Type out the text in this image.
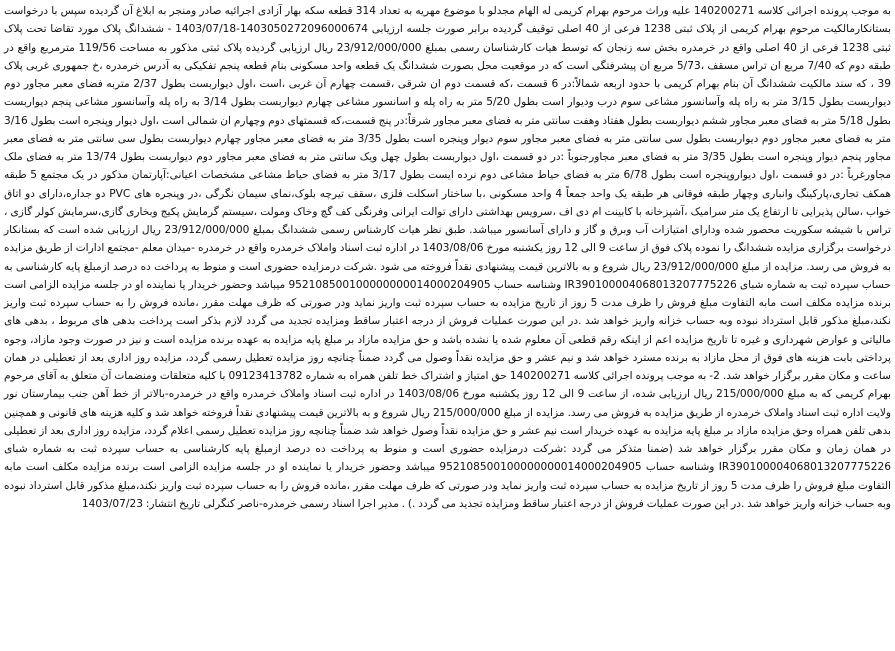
به موجب پرونده اجرائی کلاسه 140200271 علیه وراث مرحوم بهرام کریمی له الهام مجدلو با موضوع مهریه به تعداد 314 قطعه سکه بهار آزادی اجرائیه صادر ومنجر به ابلاغ آن گردیده سپس با درخواست بستانکارمالکیت مرحوم بهرام کریمی از پلاک ثبتی 1238 فرعی از 40 اصلی توقیف گردیده برابر صورت جلسه ارزیابی 1403050272096000674-1403/07/18 - ششدانگ پلاک مورد تقاضا تحت پلاک ثبتی 1238 فرعی از 40 اصلی واقع در خرمدره بخش سه زنجان که توسط هیات کارشناسان رسمی بمبلغ 23/912/000/000 ریال ارزیابی گردیده پلاک ثبتی مذکور به مساحت 119/56 مترمربع واقع در طبقه دوم که 7/40 مربع ان تراس مسقف ،5/73 مربع ان پیشرفتگی است که در موقعیت محل بصورت ششدانگ یک قطعه واحد مسکونی بنام قطعه پنجم تفکیکی به آدرس خرمدره ،خ جمهوری غربی پلاک 39 ، که سند مالکیت ششدانگ آن بنام بهرام کریمی با حدود اربعه شمالاً:در 6 قسمت ،که قسمت دوم ان شرقی ،قسمت چهارم آن غربی ،است ،اول دیواربست بطول 2/37 متربه فضای معبر مجاور دوم دیواربست بطول 3/15 متر به راه پله وآسانسور مشاعی سوم درب ودیوار است بطول 5/20 متر به راه پله و اسانسور مشاعی چهارم دیواربست بطول 3/14 به راه پله وآسانسور مشاعی پنجم دیواربست بطول 5/18 متر به فضای معبر مجاور ششم دیواربست بطول هفتاد وهفت سانتی متر به فضای معبر مجاور شرقاً:در پنج قسمت،که قسمتهای دوم وچهارم ان شمالی است ،اول دیوار وپنجره است بطول 3/16 متر به فضای معبر مجاور دوم دیواربست بطول سی سانتی متر به فضای معبر مجاور سوم دیوار وپنجره است بطول 3/35 متر به فضای معبر مجاور چهارم دیواربست بطول سی سانتی متر به فضای معبر مجاور پنجم دیوار وپنجره است بطول 3/35 متر به فضای معبر مجاورجنوباً :در دو قسمت ،اول دیواربست بطول چهل ویک سانتی متر به فضای معبر مجاور دوم دیواربست بطول 13/74 متر به فضای ملک مجاورغرباً :در دو قسمت ،اول دیواروپنجره است بطول 6/78 متر به فضای حیاط مشاعی دوم نرده ایست بطول 3/17 متر به فضای حیاط مشاعی مشخصات اعیانی:آپارتمان مذکور در یک مجتمع 5 طبقه همکف تجاری،پارکینگ وانباری وچهار طبقه فوقانی هر طبقه یک واحد جمعاً 4 واحد مسکونی ،با ساختار اسکلت فلزی ،سقف تیرچه بلوک،نمای سیمان نگرگی ،در وپنجره های PVC دو جداره،دارای دو اتاق خواب ،سالن پذیرایی تا ارتفاع یک متر سرامیک ،آشپزخانه با کابینت ام دی اف ،سرویس بهداشتی دارای توالت ایرانی وفرنگی کف گچ وخاک ومولت ،سیستم گرمایش پکیج وبخاری گازی،سرمایش کولر گازی ، تراس با شیشه سکوریت محصور شده ودارای امتیازات آب وبرق و گاز و دارای آسانسور میباشد. طبق نظر هیات کارشناس رسمی ششدانگ بمبلغ 23/912/000/000 ریال ارزیابی شده است که بستانکار درخواست برگزاری مزایده ششدانگ را نموده پلاک فوق از ساعت 9 الی 12 روز یکشنبه مورخ 1403/08/06 در اداره ثبت اسناد واملاک خرمدره واقع در خرمدره -میدان معلم -مجتمع ادارات از طریق مزایده به فروش می رسد. مزایده از مبلغ 23/912/000/000 ریال شروع و به بالاترین قیمت پیشنهادی نقداً فروخته می شود .شرکت درمزایده حضوری است و منوط به پرداخت ده درصد ازمبلغ پایه کارشناسی به حساب سپرده ثبت به شماره شبای IR390100004068013207775226 وشناسه حساب 952108500100000000014000204905 میباشد وحضور خریدار یا نماینده او در جلسه مزایده الزامی است برنده مزایده مکلف است مابه التفاوت مبلغ فروش را ظرف مدت 5 روز از تاریخ مزایده به حساب سپرده ثبت واریز نماید ودر صورتی که ظرف مهلت مقرر ،مانده فروش را به حساب سپرده ثبت واریز نکند،مبلغ مذکور قابل استرداد نبوده وبه حساب خزانه واریز خواهد شد .در این صورت عملیات فروش از درجه اعتبار ساقط ومزایده تجدید می گردد لازم بذکر است پرداخت بدهی های مربوط ، بدهی های مالیاتی و عوارض شهرداری و غیره تا تاریخ مزایده اعم از اینکه رقم قطعی آن معلوم شده یا نشده باشد و حق مزایده مازاد بر مبلغ پایه مزایده به عهده برنده مزایده است و نیز در صورت وجود مازاد، وجوه پرداختی بابت هزینه های فوق از محل مازاد به برنده مسترد خواهد شد و نیم عشر و حق مزایده نقداً وصول می گردد ضمناً چنانچه روز مزایده تعطیل رسمی گردد، مزایده روز اداری بعد از تعطیلی در همان ساعت و مکان مقرر برگزار خواهد شد. 2- به موجب پرونده اجرائی کلاسه 140200271 حق امتیاز و اشتراک خط تلفن همراه به شماره 09123413782 با کلیه متعلقات ومنضمات آن متعلق به آقای مرحوم بهرام کریمی که به مبلغ 215/000/000 ریال ارزیابی شده، از ساعت 9 الی 12 روز یکشنبه مورخ 1403/08/06 در اداره ثبت اسناد واملاک خرمدره واقع در خرمدره-بالاتر از خط آهن جنب بیمارستان نور ولایت اداره ثبت اسناد واملاک خرمدره از طریق مزایده به فروش می رسد. مزایده از مبلغ 215/000/000 ریال شروع و به بالاترین قیمت پیشنهادی نقداً فروخته خواهد شد و کلیه هزینه های قانونی و همچنین بدهی تلفن همراه وحق مزایده مازاد بر مبلغ پایه مزایده به عهده خریدار است نیم عشر و حق مزایده نقداً وصول خواهد شد ضمناً چنانچه روز مزایده تعطیل رسمی اعلام گردد، مزایده روز اداری بعد از تعطیلی در همان زمان و مکان مقرر برگزار خواهد شد (ضمنا متذکر می گردد :شرکت درمزایده حضوری است و منوط به پرداخت ده درصد ازمبلغ پایه کارشناسی به حساب سپرده ثبت به شماره شبای IR390100004068013207775226 وشناسه حساب 952108500100000000014000204905 میباشد وحضور خریدار یا نماینده او در جلسه مزایده الزامی است برنده مزایده مکلف است مابه التفاوت مبلغ فروش را ظرف مدت 5 روز از تاریخ مزایده به حساب سپرده ثبت واریز نماید ودر صورتی که ظرف مهلت مقرر ،مانده فروش را به حساب سپرده ثبت واریز نکند،مبلغ مذکور قابل استرداد نبوده وبه حساب خزانه واریز خواهد شد .در این صورت عملیات فروش از درجه اعتبار ساقط ومزایده تجدید می گردد .) . مدیر اجرا اسناد رسمی خرمدره-ناصر کنگرلی تاریخ انتشار: 1403/07/23
